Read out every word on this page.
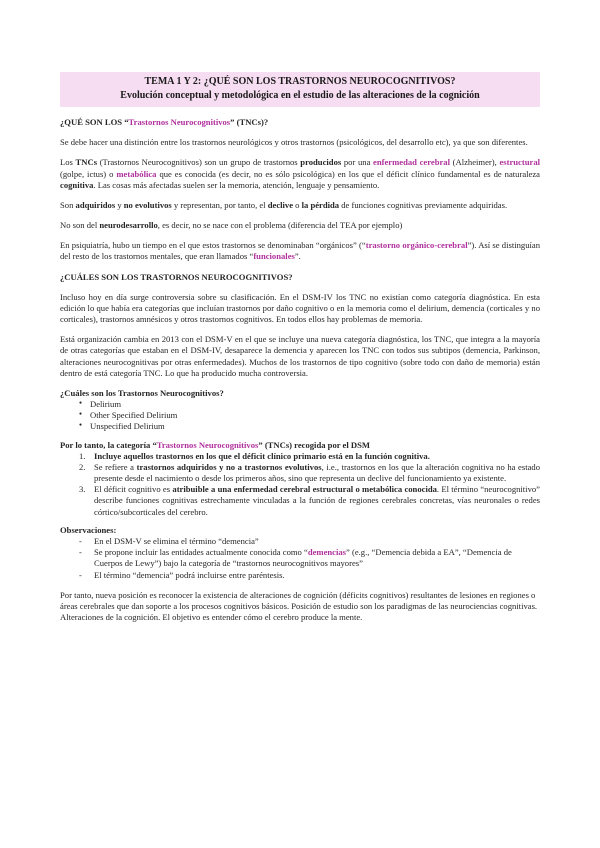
TEMA 1 Y 2: ¿QUÉ SON LOS TRASTORNOS NEUROCOGNITIVOS?
Evolución conceptual y metodológica en el estudio de las alteraciones de la cognición
¿QUÉ SON LOS “Trastornos Neurocognitivos” (TNCs)?

Se debe hacer una distinción entre los trastornos neurológicos y otros trastornos (psicológicos, del desarrollo etc), ya que son diferentes.

Los TNCs (Trastornos Neurocognitivos) son un grupo de trastornos producidos por una enfermedad cerebral (Alzheimer), estructural (golpe, ictus) o metabólica que es conocida (es decir, no es sólo psicológica) en los que el déficit clínico fundamental es de naturaleza cognitiva. Las cosas más afectadas suelen ser la memoria, atención, lenguaje y pensamiento.

Son adquiridos y no evolutivos y representan, por tanto, el declive o la pérdida de funciones cognitivas previamente adquiridas.

No son del neurodesarrollo, es decir, no se nace con el problema (diferencia del TEA por ejemplo)

En psiquiatría, hubo un tiempo en el que estos trastornos se denominaban “orgánicos” (“trastorno orgánico-cerebral”). Así se distinguían del resto de los trastornos mentales, que eran llamados “funcionales”.

¿CUÁLES SON LOS TRASTORNOS NEUROCOGNITIVOS?

Incluso hoy en día surge controversia sobre su clasificación. En el DSM-IV los TNC no existían como categoría diagnóstica. En esta edición lo que había era categorías que incluían trastornos por daño cognitivo o en la memoria como el delirium, demencia (corticales y no corticales), trastornos amnésicos y otros trastornos cognitivos. En todos ellos hay problemas de memoria.

Está organización cambia en 2013 con el DSM-V en el que se incluye una nueva categoría diagnóstica, los TNC, que integra a la mayoría de otras categorías que estaban en el DSM-IV, desaparece la demencia y aparecen los TNC con todos sus subtipos (demencia, Parkinson, alteraciones neurocognitivas por otras enfermedades). Muchos de los trastornos de tipo cognitivo (sobre todo con daño de memoria) están dentro de está categoría TNC. Lo que ha producido mucha controversia.

¿Cuáles son los Trastornos Neurocognitivos?
● Delirium
● Other Specified Delirium
● Unspecified Delirium
Por lo tanto, la categoría “Trastornos Neurocognitivos” (TNCs) recogida por el DSM
1. Incluye aquellos trastornos en los que el déficit clínico primario está en la función cognitiva.
2. Se refiere a trastornos adquiridos y no a trastornos evolutivos, i.e., trastornos en los que la alteración cognitiva no ha estado presente desde el nacimiento o desde los primeros años, sino que representa un declive del funcionamiento ya existente.
3. El déficit cognitivo es atribuible a una enfermedad cerebral estructural o metabólica conocida. El término “neurocognitivo” describe funciones cognitivas estrechamente vinculadas a la función de regiones cerebrales concretas, vías neuronales o redes córtico/subcorticales del cerebro.
Observaciones:
- En el DSM-V se elimina el término “demencia”
- Se propone incluir las entidades actualmente conocida como “demencias” (e.g., “Demencia debida a EA”, “Demencia de Cuerpos de Lewy”) bajo la categoría de “trastornos neurocognitivos mayores”
- El término “demencia” podrá incluirse entre paréntesis.

Por tanto, nueva posición es reconocer la existencia de alteraciones de cognición (déficits cognitivos) resultantes de lesiones en regiones o áreas cerebrales que dan soporte a los procesos cognitivos básicos. Posición de estudio son los paradigmas de las neurociencias cognitivas. Alteraciones de la cognición. El objetivo es entender cómo el cerebro produce la mente.
